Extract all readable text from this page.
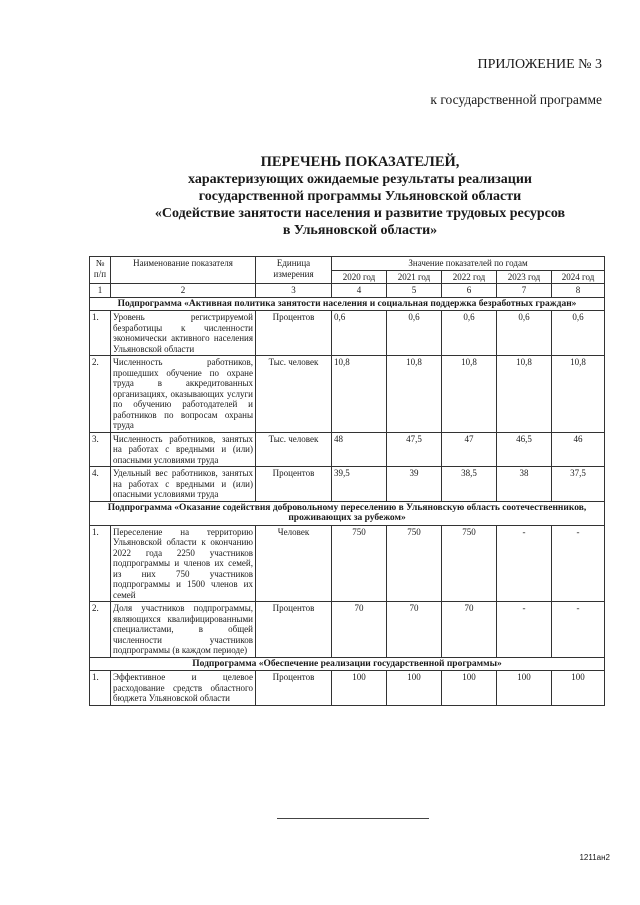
ПРИЛОЖЕНИЕ № 3
к государственной программе
ПЕРЕЧЕНЬ ПОКАЗАТЕЛЕЙ,
характеризующих ожидаемые результаты реализации
государственной программы Ульяновской области
«Содействие занятости населения и развитие трудовых ресурсов
в Ульяновской области»
№ п/п	Наименование показателя	Единица измерения	Значение показателей по годам				
			2020 год	2021 год	2022 год	2023 год	2024 год
1	2	3	4	5	6	7	8
Подпрограмма «Активная политика занятости населения и социальная поддержка безработных граждан»							
1.	Уровень регистрируемой безработицы к численности экономически активного населения Ульяновской области	Процентов	0,6	0,6	0,6	0,6	0,6
2.	Численность работников, прошедших обучение по охране труда в аккредитованных организациях, оказывающих услуги по обучению работодателей и работников по вопросам охраны труда	Тыс. человек	10,8	10,8	10,8	10,8	10,8
3.	Численность работников, занятых на работах с вредными и (или) опасными условиями труда	Тыс. человек	48	47,5	47	46,5	46
4.	Удельный вес работников, занятых на работах с вредными и (или) опасными условиями труда	Процентов	39,5	39	38,5	38	37,5
Подпрограмма «Оказание содействия добровольному переселению в Ульяновскую область соотечественников, проживающих за рубежом»							
1.	Переселение на территорию Ульяновской области к окончанию 2022 года 2250 участников подпрограммы и членов их семей, из них 750 участников подпрограммы и 1500 членов их семей	Человек	750	750	750	-	-
2.	Доля участников подпрограммы, являющихся квалифицированными специалистами, в общей численности участников подпрограммы (в каждом периоде)	Процентов	70	70	70	-	-
Подпрограмма «Обеспечение реализации государственной программы»							
1.	Эффективное и целевое расходование средств областного бюджета Ульяновской области	Процентов	100	100	100	100	100
1211ан2
